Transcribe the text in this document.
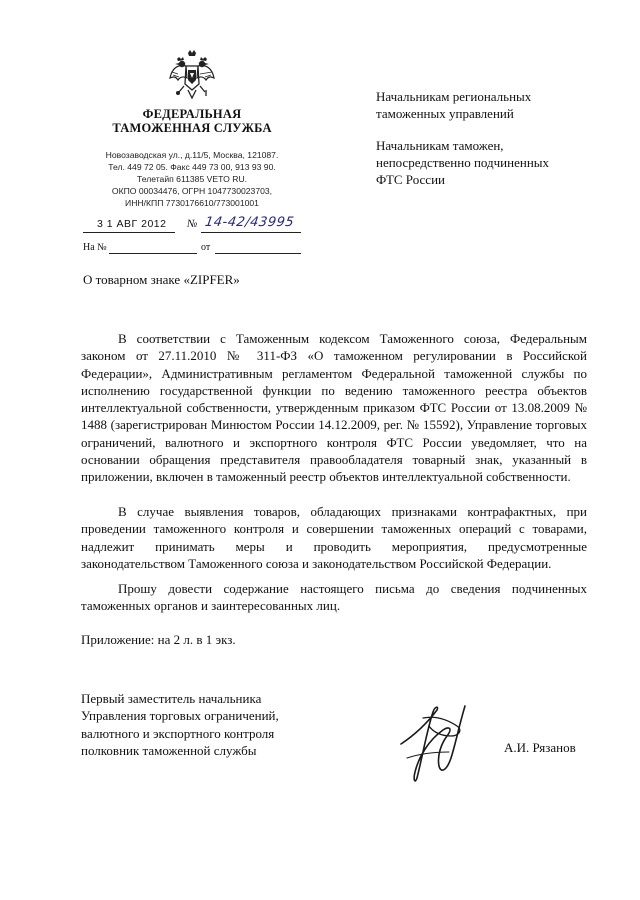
ФЕДЕРАЛЬНАЯ
ТАМОЖЕННАЯ СЛУЖБА
Новозаводская ул., д.11/5, Москва, 121087.
Тел. 449 72 05. Факс 449 73 00, 913 93 90.
Телетайп 611385 VETO RU.
ОКПО 00034476, ОГРН 1047730023703,
ИНН/КПП 7730176610/773001001
3 1 АВГ 2012 № 14-42/43995
На №	от
Начальникам региональных
таможенных управлений
Начальникам таможен,
непосредственно подчиненных
ФТС России
О товарном знаке «ZIPFER»
В соответствии с Таможенным кодексом Таможенного союза, Федеральным законом от 27.11.2010 № 311-ФЗ «О таможенном регулировании в Российской Федерации», Административным регламентом Федеральной таможенной службы по исполнению государственной функции по ведению таможенного реестра объектов интеллектуальной собственности, утвержденным приказом ФТС России от 13.08.2009 № 1488 (зарегистрирован Минюстом России 14.12.2009, рег. № 15592), Управление торговых ограничений, валютного и экспортного контроля ФТС России уведомляет, что на основании обращения представителя правообладателя товарный знак, указанный в приложении, включен в таможенный реестр объектов интеллектуальной собственности.
В случае выявления товаров, обладающих признаками контрафактных, при проведении таможенного контроля и совершении таможенных операций с товарами, надлежит принимать меры и проводить мероприятия, предусмотренные законодательством Таможенного союза и законодательством Российской Федерации.
Прошу довести содержание настоящего письма до сведения подчиненных таможенных органов и заинтересованных лиц.
Приложение: на 2 л. в 1 экз.
Первый заместитель начальника
Управления торговых ограничений,
валютного и экспортного контроля
полковник таможенной службы	А.И. Рязанов
